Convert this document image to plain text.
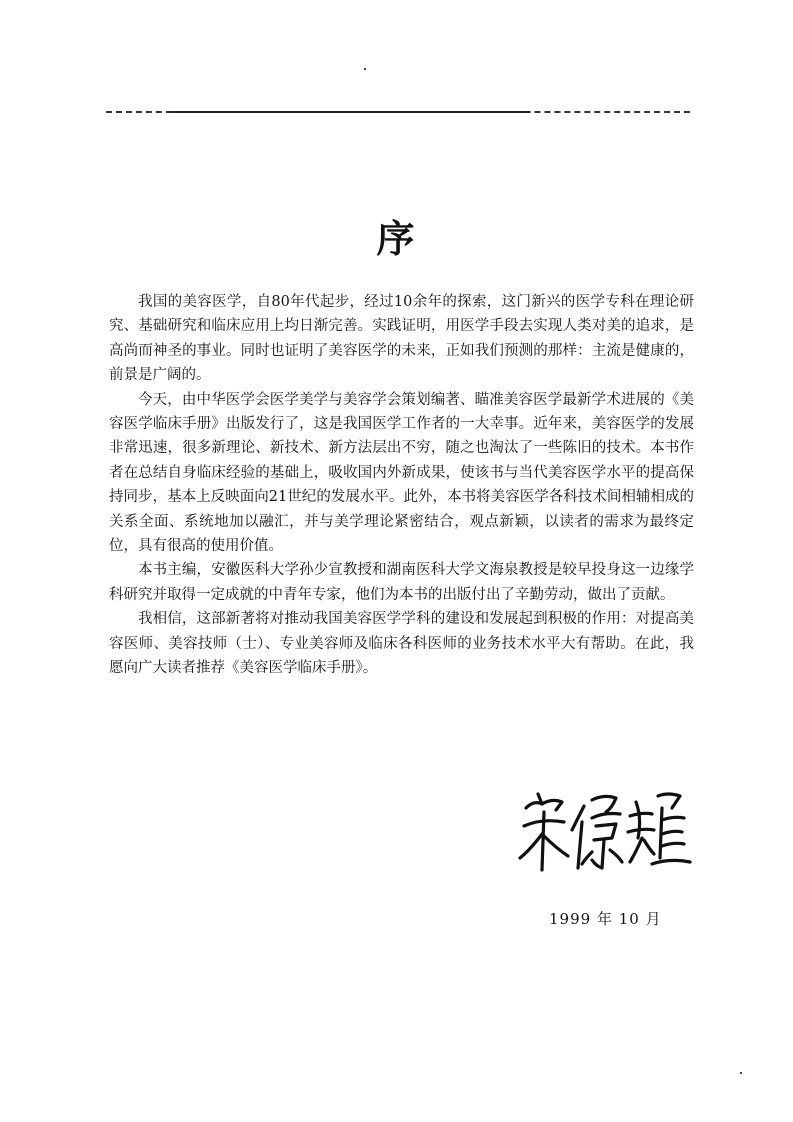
序

我国的美容医学，自80年代起步，经过10余年的探索，这门新兴的医学专科在理论研究、基础研究和临床应用上均日渐完善。实践证明，用医学手段去实现人类对美的追求，是高尚而神圣的事业。同时也证明了美容医学的未来，正如我们预测的那样：主流是健康的，前景是广阔的。

今天，由中华医学会医学美学与美容学会策划编著、瞄准美容医学最新学术进展的《美容医学临床手册》出版发行了，这是我国医学工作者的一大幸事。近年来，美容医学的发展非常迅速，很多新理论、新技术、新方法层出不穷，随之也淘汰了一些陈旧的技术。本书作者在总结自身临床经验的基础上，吸收国内外新成果，使该书与当代美容医学水平的提高保持同步，基本上反映面向21世纪的发展水平。此外，本书将美容医学各科技术间相辅相成的关系全面、系统地加以融汇，并与美学理论紧密结合，观点新颖，以读者的需求为最终定位，具有很高的使用价值。

本书主编，安徽医科大学孙少宣教授和湖南医科大学文海泉教授是较早投身这一边缘学科研究并取得一定成就的中青年专家，他们为本书的出版付出了辛勤劳动，做出了贡献。

我相信，这部新著将对推动我国美容医学学科的建设和发展起到积极的作用：对提高美容医师、美容技师（士）、专业美容师及临床各科医师的业务技术水平大有帮助。在此，我愿向广大读者推荐《美容医学临床手册》。

1999 年 10 月
